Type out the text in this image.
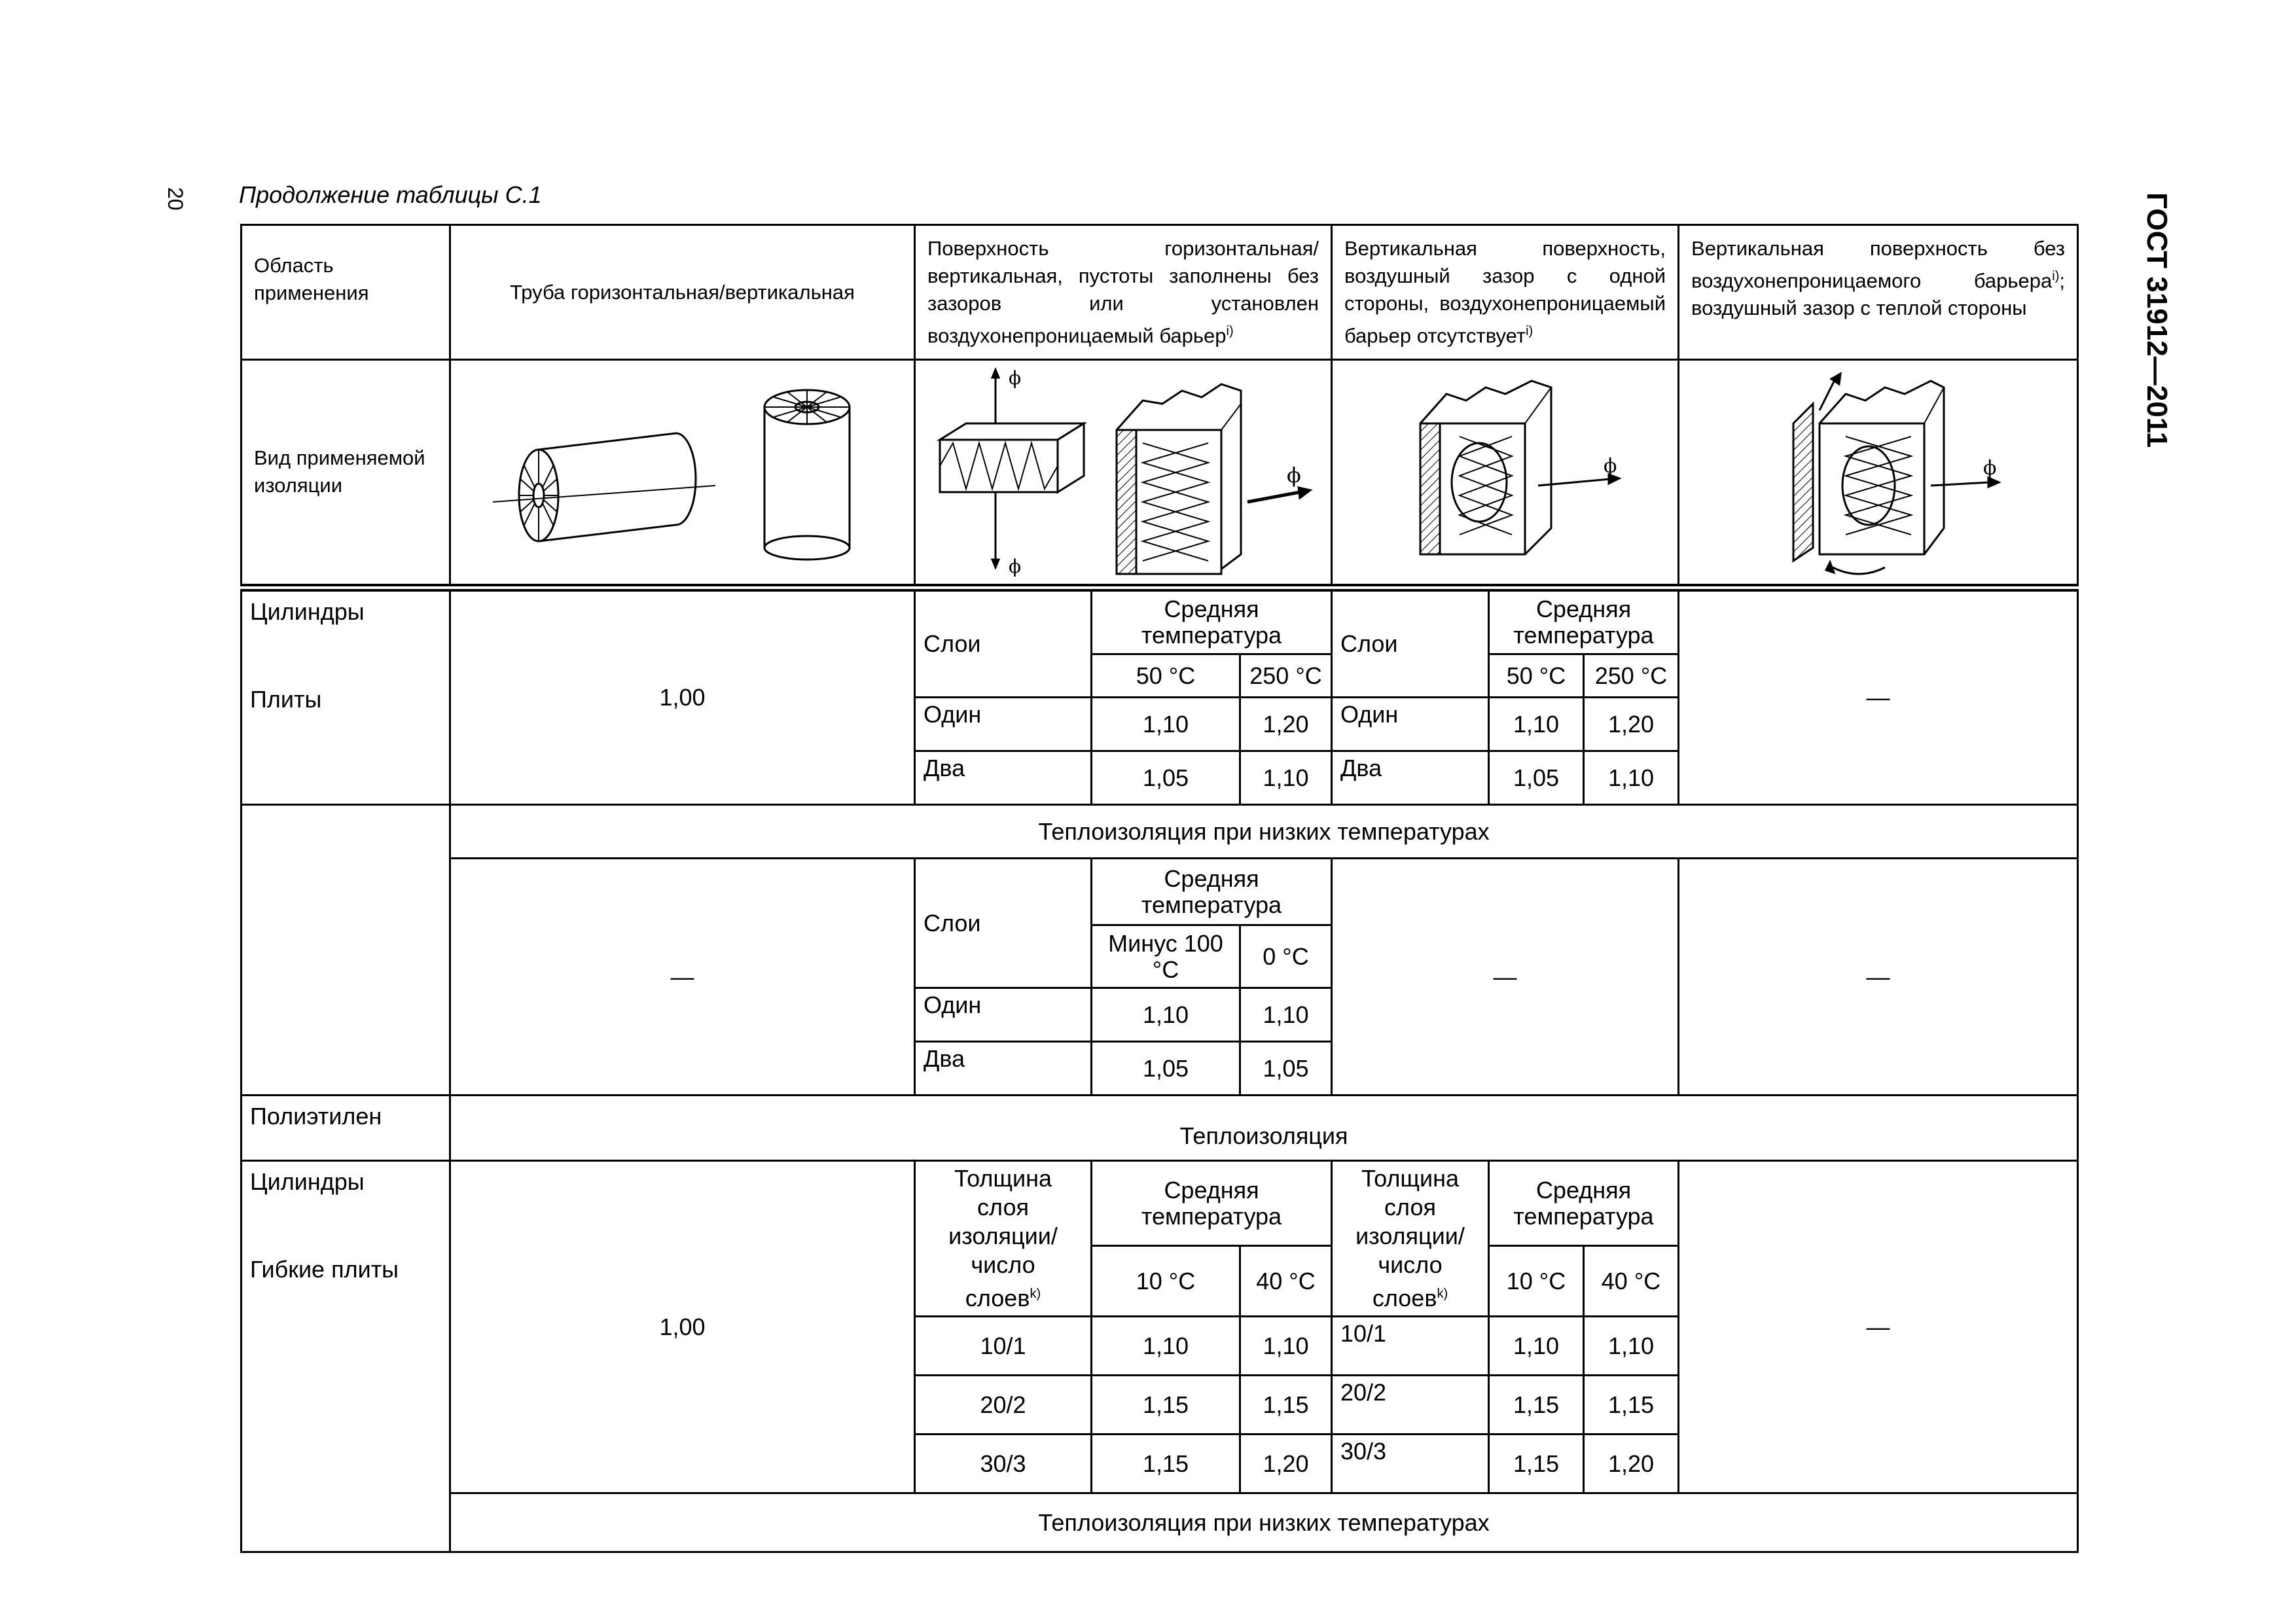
20 Продолжение таблицы С.1	ГОСТ 31912—2011
Область применения	Труба горизонтальная/вертикальная	Поверхность горизонтальная/вертикальная, пустоты заполнены без зазоров или установлен воздухонепроницаемый барьер$^{i)}$			Вертикальная поверхность, воздушный зазор с одной стороны, воздухонепроницаемый барьер отсутствует$^{i)}$			Вертикальная поверхность без воздухонепроницаемого барьера$^{i)}$; воздушный зазор с теплой стороны
Вид применяемой изоляции		ϕ
ϕ
ϕ			ϕ			ϕ

Цилиндры
Плиты	1,00	Слои	Средняя температура		Слои	Средняя температура		—
			50 °С	250 °С		50 °С	250 °С	
		Один	1,10	1,20	Один	1,10	1,20	
		Два	1,05	1,10	Два	1,05	1,10	
	Теплоизоляция при низких температурах							
	—	Слои	Средняя температура		—			—
			Минус 100 °С	0 °С				
		Один	1,10	1,10				
		Два	1,05	1,05				
Полиэтилен	Теплоизоляция							

Цилиндры
Гибкие плиты	1,00	Толщина слоя изоляции/число слоев$^{k)}$	Средняя температура		Толщина слоя изоляции/число слоев$^{k)}$	Средняя температура		—
			10 °С	40 °С		10 °С	40 °С	
		10/1	1,10	1,10	10/1	1,10	1,10	
		20/2	1,15	1,15	20/2	1,15	1,15	
		30/3	1,15	1,20	30/3	1,15	1,20	
	Теплоизоляция при низких температурах							
